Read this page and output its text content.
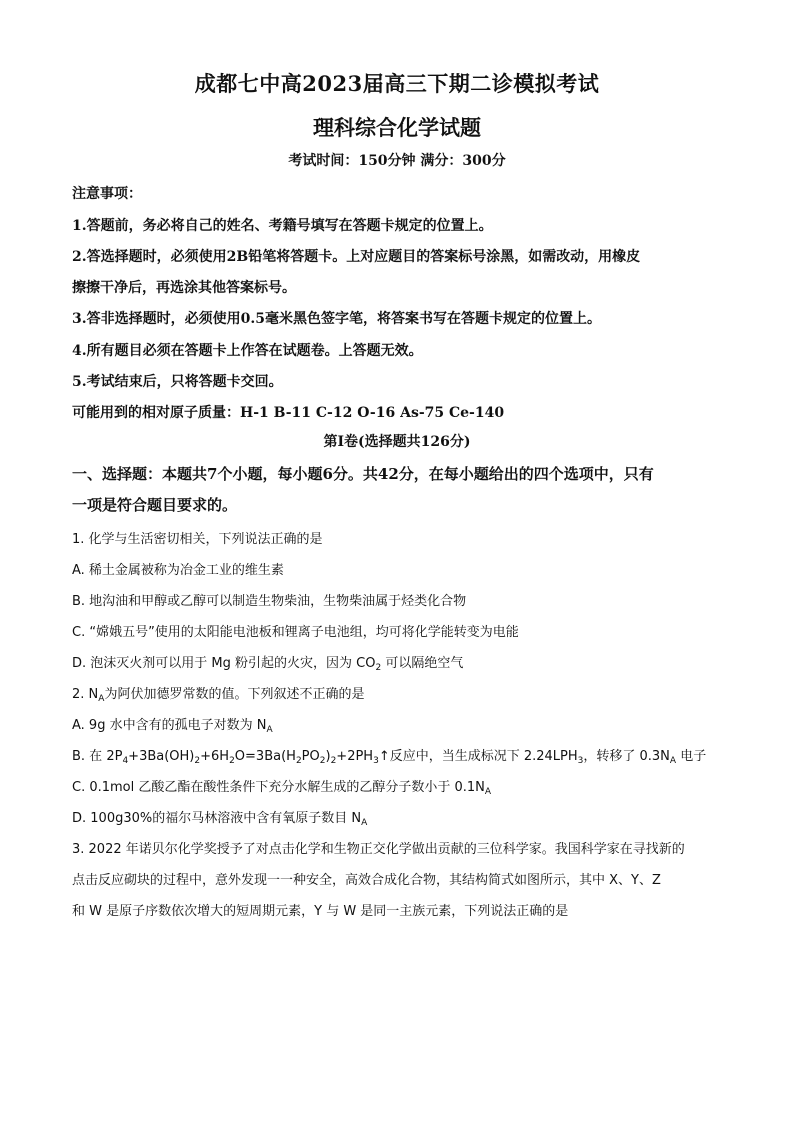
成都七中高2023届高三下期二诊模拟考试
理科综合化学试题
考试时间：150分钟 满分：300分
注意事项：
1.答题前，务必将自己的姓名、考籍号填写在答题卡规定的位置上。
2.答选择题时，必须使用2B铅笔将答题卡。上对应题目的答案标号涂黑，如需改动，用橡皮
擦擦干净后，再选涂其他答案标号。
3.答非选择题时，必须使用0.5毫米黑色签字笔，将答案书写在答题卡规定的位置上。
4.所有题目必须在答题卡上作答在试题卷。上答题无效。
5.考试结束后，只将答题卡交回。
可能用到的相对原子质量：H-1 B-11 C-12 O-16 As-75 Ce-140
第I卷(选择题共126分)
一、选择题：本题共7个小题，每小题6分。共42分，在每小题给出的四个选项中，只有
一项是符合题目要求的。
1. 化学与生活密切相关，下列说法正确的是
A. 稀土金属被称为冶金工业的维生素
B. 地沟油和甲醇或乙醇可以制造生物柴油，生物柴油属于烃类化合物
C. “嫦娥五号”使用的太阳能电池板和锂离子电池组，均可将化学能转变为电能
D. 泡沫灭火剂可以用于 Mg 粉引起的火灾，因为 $CO_2$ 可以隔绝空气
2. $N_A$为阿伏加德罗常数的值。下列叙述不正确的是
A. 9g 水中含有的孤电子对数为 $N_A$
B. 在 $2P_4+3Ba(OH)_2+6H_2O=3Ba(H_2PO_2)_2+2PH_3↑$反应中，当生成标况下 $2.24LPH_3$，转移了 $0.3N_A$ 电子
C. 0.1mol 乙酸乙酯在酸性条件下充分水解生成的乙醇分子数小于 $0.1N_A$
D. 100g30%的福尔马林溶液中含有氧原子数目 $N_A$
3. 2022 年诺贝尔化学奖授予了对点击化学和生物正交化学做出贡献的三位科学家。我国科学家在寻找新的
点击反应砌块的过程中，意外发现一一种安全，高效合成化合物，其结构简式如图所示，其中 X、Y、Z
和 W 是原子序数依次增大的短周期元素，Y 与 W 是同一主族元素，下列说法正确的是
